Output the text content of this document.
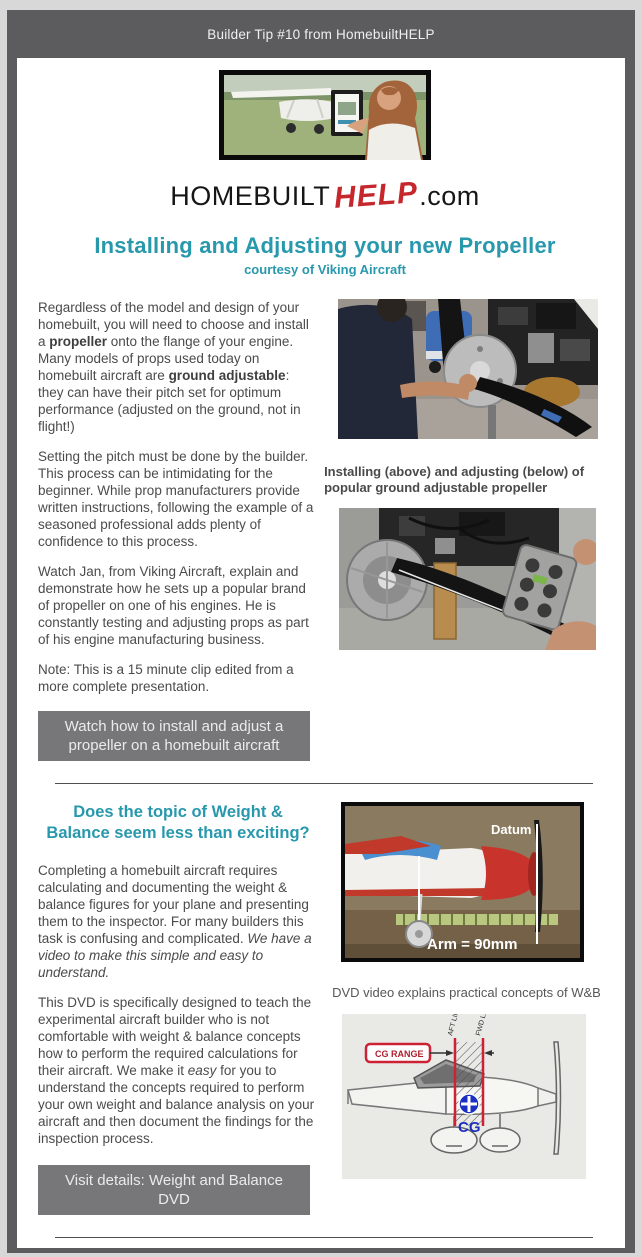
Builder Tip #10 from HomebuiltHELP
HOMEBUILTHELP.com
Installing and Adjusting your new Propeller
courtesy of Viking Aircraft

Regardless of the model and design of your homebuilt, you will need to choose and install a propeller onto the flange of your engine. Many models of props used today on homebuilt aircraft are ground adjustable: they can have their pitch set for optimum performance (adjusted on the ground, not in flight!)

Setting the pitch must be done by the builder. This process can be intimidating for the beginner. While prop manufacturers provide written instructions, following the example of a seasoned professional adds plenty of confidence to this process.

Watch Jan, from Viking Aircraft, explain and demonstrate how he sets up a popular brand of propeller on one of his engines. He is constantly testing and adjusting props as part of his engine manufacturing business.

Note: This is a 15 minute clip edited from a more complete presentation.

Watch how to install and adjust a propeller on a homebuilt aircraft
Installing (above) and adjusting (below) of popular ground adjustable propeller
Does the topic of Weight & Balance seem less than exciting?

Completing a homebuilt aircraft requires calculating and documenting the weight & balance figures for your plane and presenting them to the inspector. For many builders this task is confusing and complicated. We have a video to make this simple and easy to understand.

This DVD is specifically designed to teach the experimental aircraft builder who is not comfortable with weight & balance concepts how to perform the required calculations for their aircraft. We make it easy for you to understand the concepts required to perform your own weight and balance analysis on your aircraft and then document the findings for the inspection process.

Visit details: Weight and Balance DVD
Datum
Arm = 90mm
DVD video explains practical concepts of W&B
AFT LIMIT FWD LIMIT
CG RANGE
CG
